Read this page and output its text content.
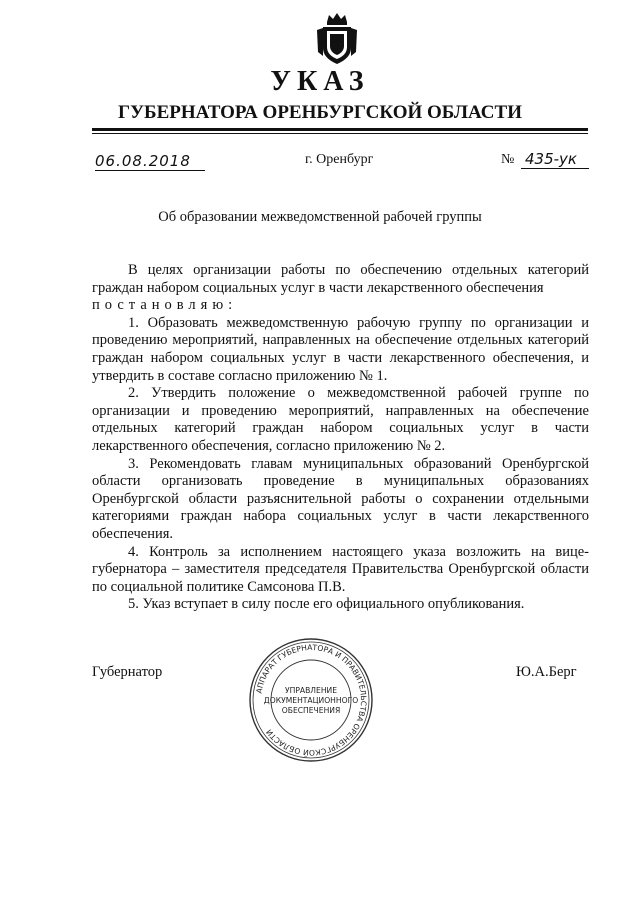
УКАЗ
ГУБЕРНАТОРА ОРЕНБУРГСКОЙ ОБЛАСТИ
06.08.2018	г. Оренбург	№ 435-ук
Об образовании межведомственной рабочей группы

В целях организации работы по обеспечению отдельных категорий граждан набором социальных услуг в части лекарственного обеспечения

постановляю:

1. Образовать межведомственную рабочую группу по организации и проведению мероприятий, направленных на обеспечение отдельных категорий граждан набором социальных услуг в части лекарственного обеспечения, и утвердить в составе согласно приложению № 1.

2. Утвердить положение о межведомственной рабочей группе по организации и проведению мероприятий, направленных на обеспечение отдельных категорий граждан набором социальных услуг в части лекарственного обеспечения, согласно приложению № 2.

3. Рекомендовать главам муниципальных образований Оренбургской области организовать проведение в муниципальных образованиях Оренбургской области разъяснительной работы о сохранении отдельными категориями граждан набора социальных услуг в части лекарственного обеспечения.

4. Контроль за исполнением настоящего указа возложить на вице-губернатора – заместителя председателя Правительства Оренбургской области по социальной политике Самсонова П.В.

5. Указ вступает в силу после его официального опубликования.

Губернатор	Ю.А.Берг
АППАРАТ ГУБЕРНАТОРА И ПРАВИТЕЛЬСТВА ОРЕНБУРГСКОЙ ОБЛАСТИ
УПРАВЛЕНИЕ
ДОКУМЕНТАЦИОННОГО
ОБЕСПЕЧЕНИЯ
